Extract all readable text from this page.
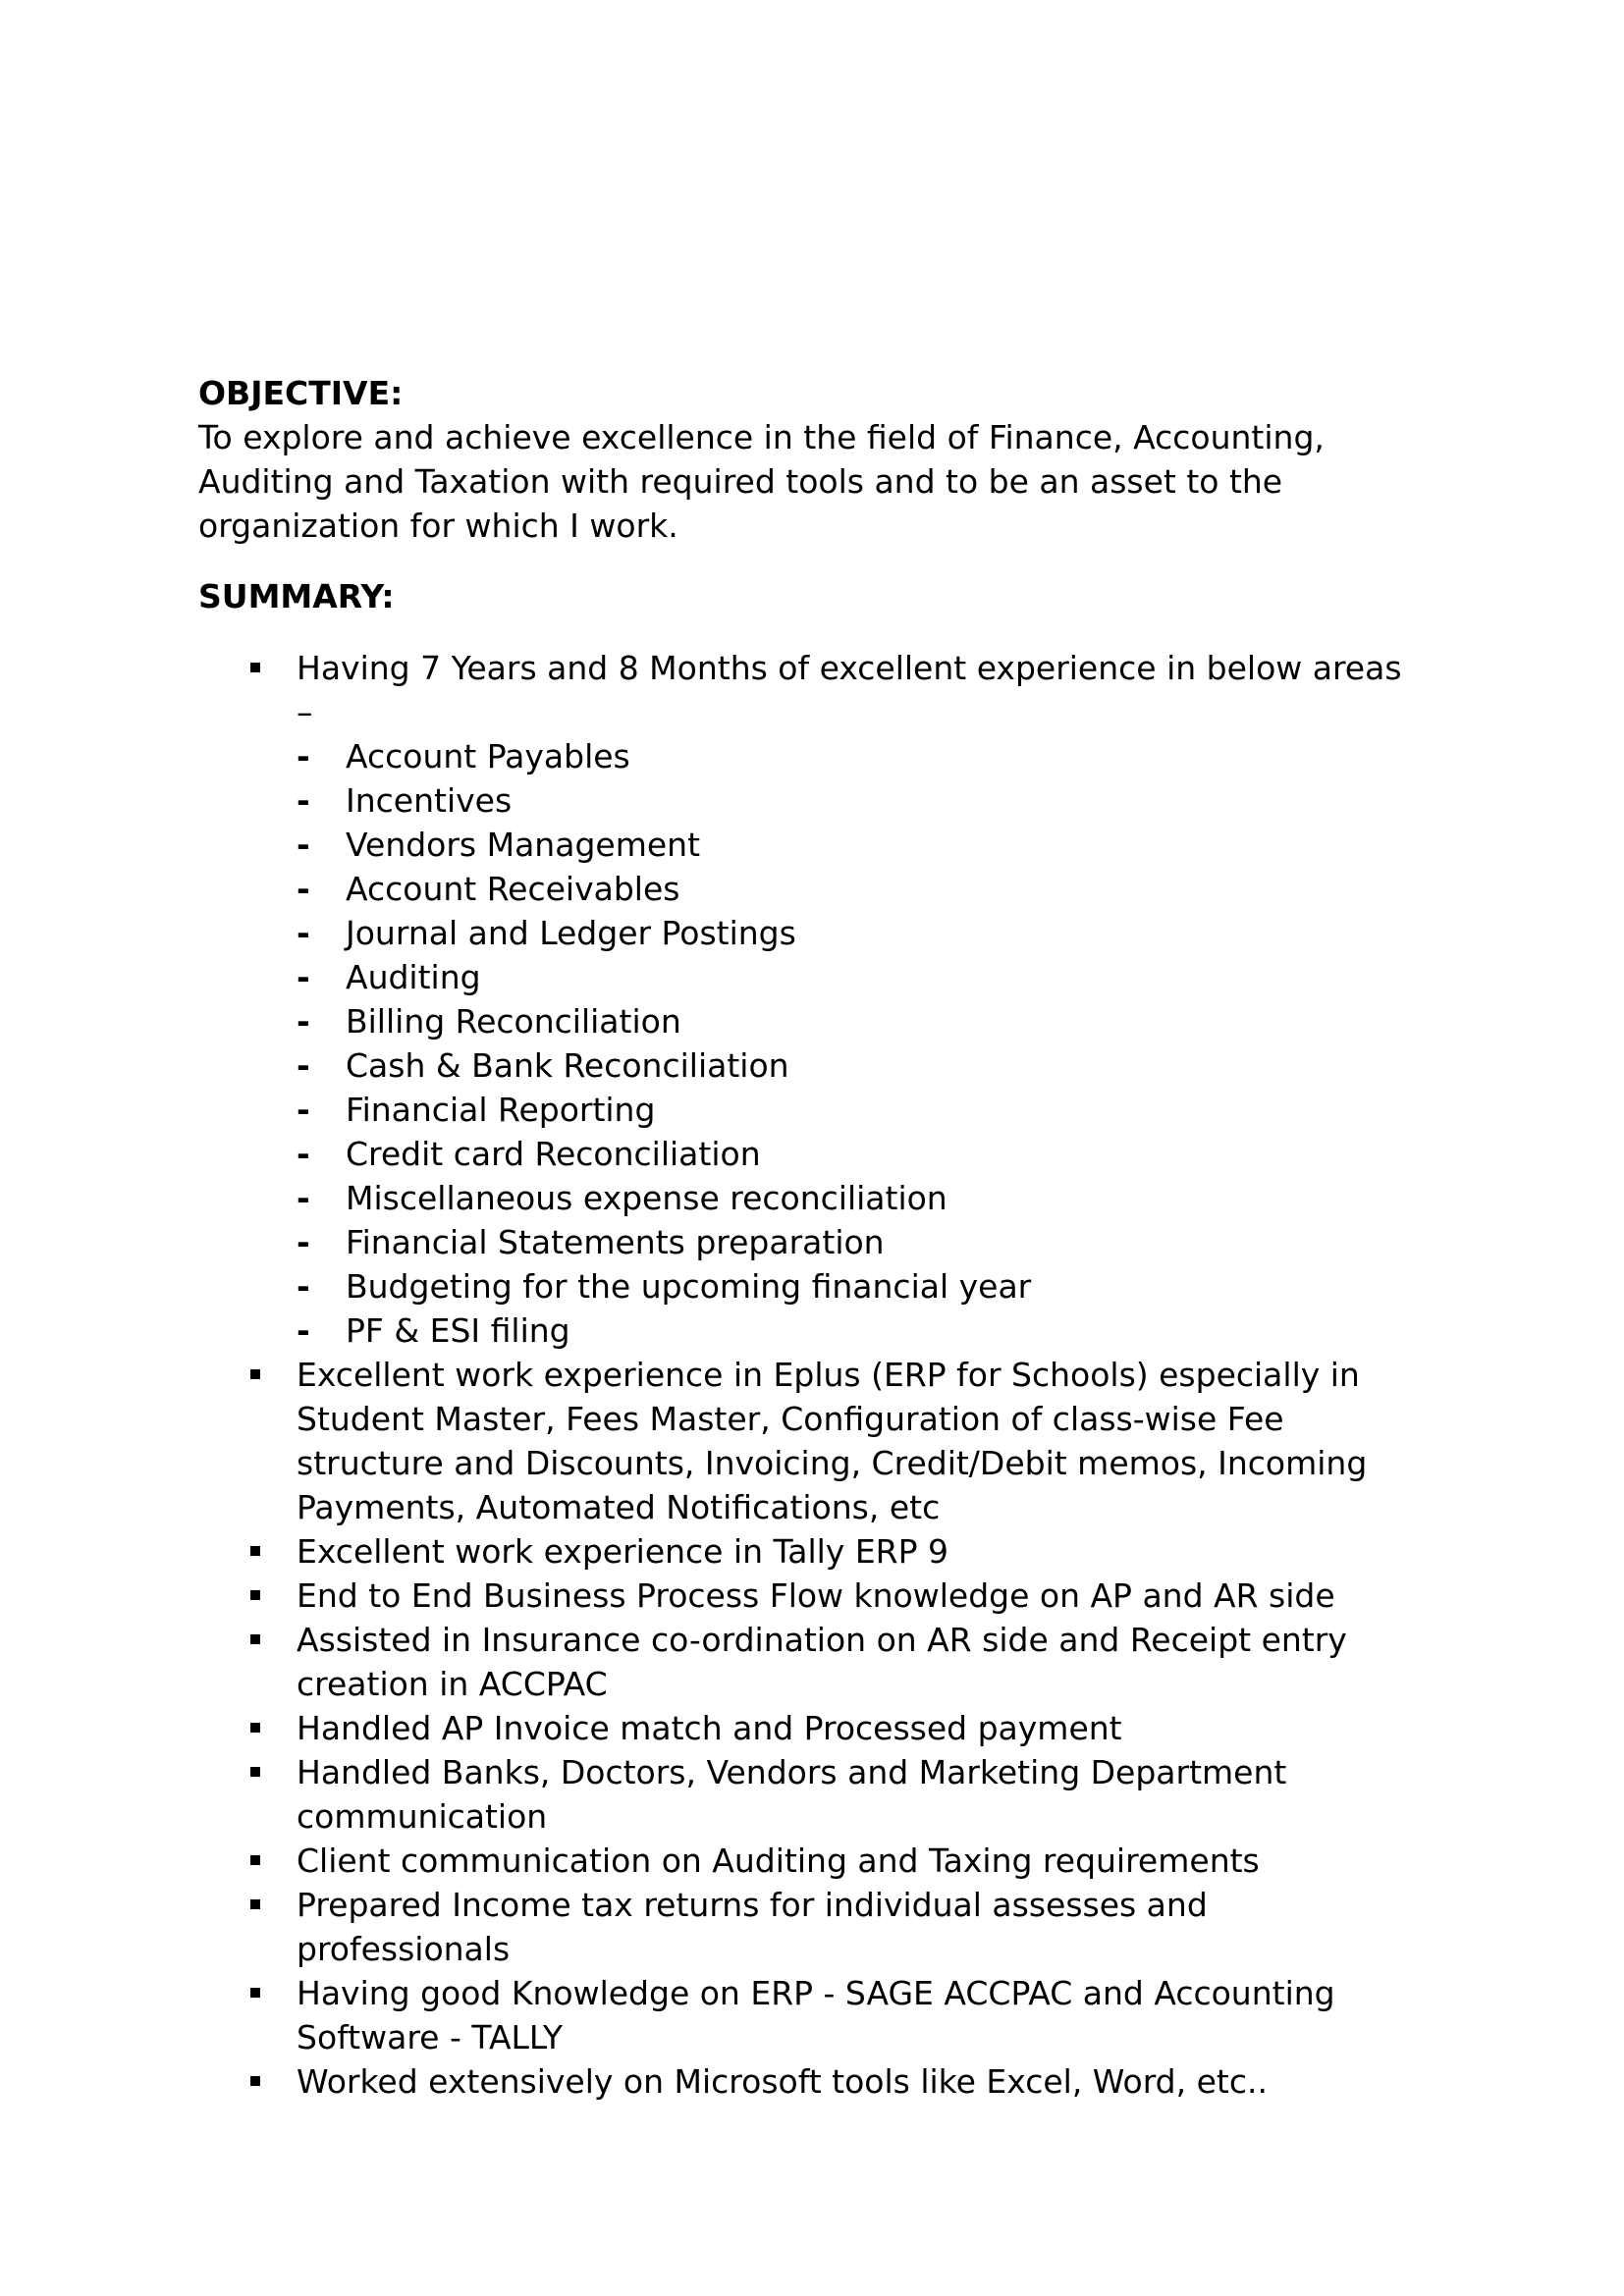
OBJECTIVE:

To explore and achieve excellence in the field of Finance, Accounting,
Auditing and Taxation with required tools and to be an asset to the
organization for which I work.

SUMMARY:
Having 7 Years and 8 Months of excellent experience in below areas
–
- Account Payables
- Incentives
- Vendors Management
- Account Receivables
- Journal and Ledger Postings
- Auditing
- Billing Reconciliation
- Cash & Bank Reconciliation
- Financial Reporting
- Credit card Reconciliation
- Miscellaneous expense reconciliation
- Financial Statements preparation
- Budgeting for the upcoming financial year
- PF & ESI filing
Excellent work experience in Eplus (ERP for Schools) especially in
Student Master, Fees Master, Configuration of class-wise Fee
structure and Discounts, Invoicing, Credit/Debit memos, Incoming
Payments, Automated Notifications, etc
Excellent work experience in Tally ERP 9
End to End Business Process Flow knowledge on AP and AR side
Assisted in Insurance co-ordination on AR side and Receipt entry
creation in ACCPAC
Handled AP Invoice match and Processed payment
Handled Banks, Doctors, Vendors and Marketing Department
communication
Client communication on Auditing and Taxing requirements
Prepared Income tax returns for individual assesses and
professionals
Having good Knowledge on ERP - SAGE ACCPAC and Accounting
Software - TALLY
Worked extensively on Microsoft tools like Excel, Word, etc..
